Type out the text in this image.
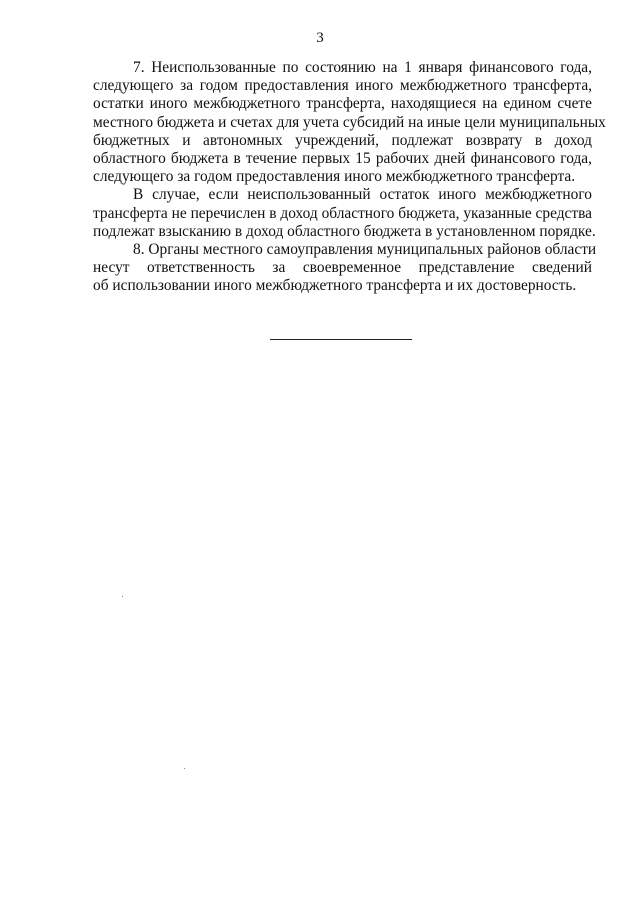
3
7. Неиспользованные по состоянию на 1 января финансового года,
следующего за годом предоставления иного межбюджетного трансферта,
остатки иного межбюджетного трансферта, находящиеся на едином счете
местного бюджета и счетах для учета субсидий на иные цели муниципальных
бюджетных и автономных учреждений, подлежат возврату в доход
областного бюджета в течение первых 15 рабочих дней финансового года,
следующего за годом предоставления иного межбюджетного трансферта.
В случае, если неиспользованный остаток иного межбюджетного
трансферта не перечислен в доход областного бюджета, указанные средства
подлежат взысканию в доход областного бюджета в установленном порядке.
8. Органы местного самоуправления муниципальных районов области
несут ответственность за своевременное представление сведений
об использовании иного межбюджетного трансферта и их достоверность.
